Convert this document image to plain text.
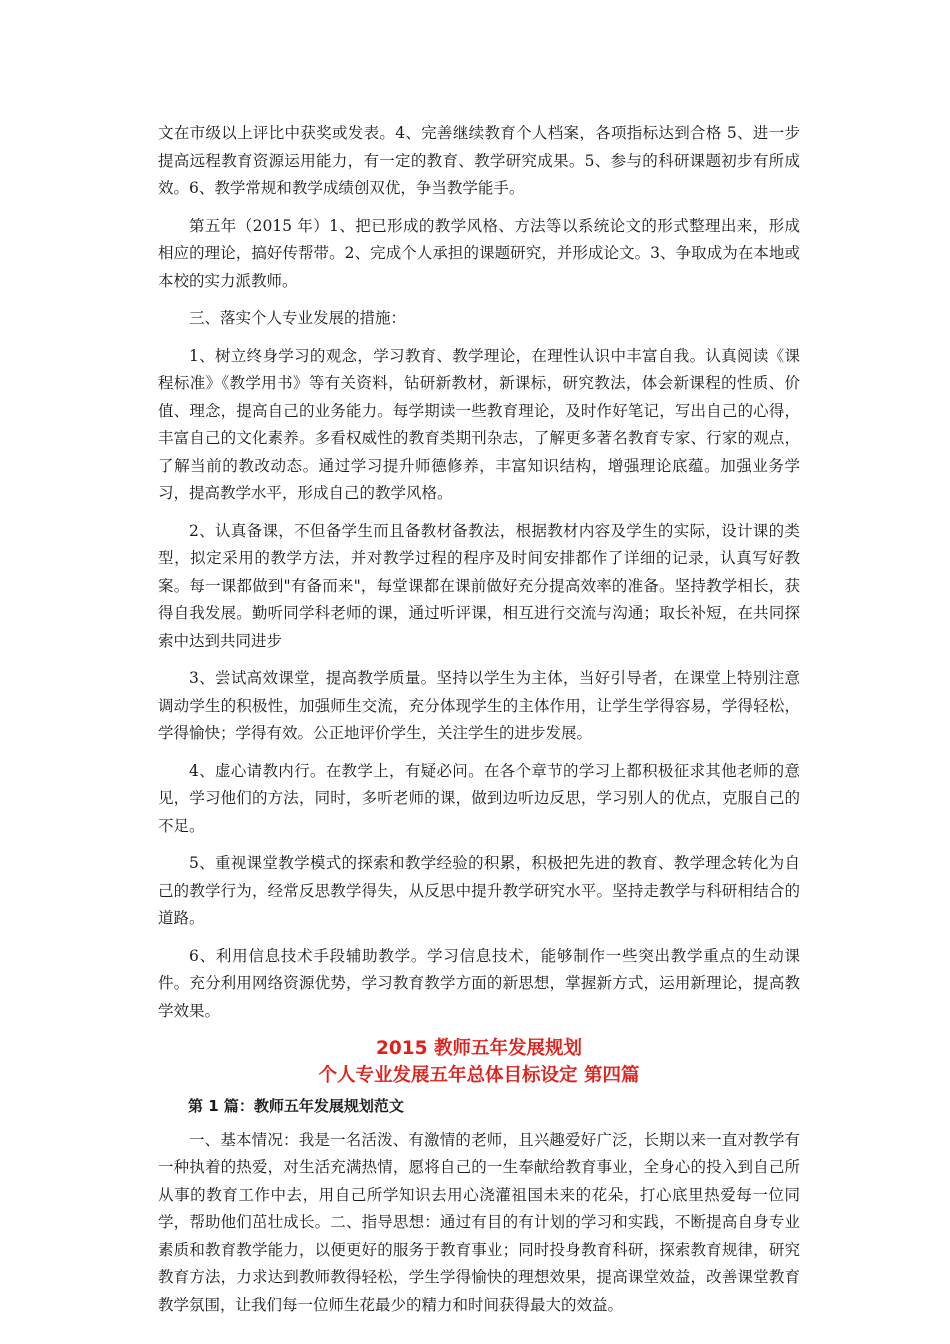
文在市级以上评比中获奖或发表。4、完善继续教育个人档案，各项指标达到合格 5、进一步提高远程教育资源运用能力，有一定的教育、教学研究成果。5、参与的科研课题初步有所成效。6、教学常规和教学成绩创双优，争当教学能手。

第五年（2015 年）1、把已形成的教学风格、方法等以系统论文的形式整理出来，形成相应的理论，搞好传帮带。2、完成个人承担的课题研究，并形成论文。3、争取成为在本地或本校的实力派教师。

三、落实个人专业发展的措施：

1、树立终身学习的观念，学习教育、教学理论，在理性认识中丰富自我。认真阅读《课程标准》《教学用书》等有关资料，钻研新教材，新课标，研究教法，体会新课程的性质、价值、理念，提高自己的业务能力。每学期读一些教育理论，及时作好笔记，写出自己的心得，丰富自己的文化素养。多看权威性的教育类期刊杂志，了解更多著名教育专家、行家的观点，了解当前的教改动态。通过学习提升师德修养，丰富知识结构，增强理论底蕴。加强业务学习，提高教学水平，形成自己的教学风格。

2、认真备课，不但备学生而且备教材备教法，根据教材内容及学生的实际，设计课的类型，拟定采用的教学方法，并对教学过程的程序及时间安排都作了详细的记录，认真写好教案。每一课都做到"有备而来"，每堂课都在课前做好充分提高效率的准备。坚持教学相长，获得自我发展。勤听同学科老师的课，通过听评课，相互进行交流与沟通；取长补短，在共同探索中达到共同进步

3、尝试高效课堂，提高教学质量。坚持以学生为主体，当好引导者，在课堂上特别注意调动学生的积极性，加强师生交流，充分体现学生的主体作用，让学生学得容易，学得轻松，学得愉快；学得有效。公正地评价学生，关注学生的进步发展。

4、虚心请教内行。在教学上，有疑必问。在各个章节的学习上都积极征求其他老师的意见，学习他们的方法，同时，多听老师的课，做到边听边反思，学习别人的优点，克服自己的不足。

5、重视课堂教学模式的探索和教学经验的积累，积极把先进的教育、教学理念转化为自己的教学行为，经常反思教学得失，从反思中提升教学研究水平。坚持走教学与科研相结合的道路。

6、利用信息技术手段辅助教学。学习信息技术，能够制作一些突出教学重点的生动课件。充分利用网络资源优势，学习教育教学方面的新思想，掌握新方式，运用新理论，提高教学效果。

2015 教师五年发展规划
个人专业发展五年总体目标设定 第四篇
第 1 篇：教师五年发展规划范文

一、基本情况：我是一名活泼、有激情的老师，且兴趣爱好广泛，长期以来一直对教学有一种执着的热爱，对生活充满热情，愿将自己的一生奉献给教育事业，全身心的投入到自己所从事的教育工作中去，用自己所学知识去用心浇灌祖国未来的花朵，打心底里热爱每一位同学，帮助他们茁壮成长。二、指导思想：通过有目的有计划的学习和实践，不断提高自身专业素质和教育教学能力，以便更好的服务于教育事业；同时投身教育科研，探索教育规律，研究教育方法，力求达到教师教得轻松，学生学得愉快的理想效果，提高课堂效益，改善课堂教育教学氛围，让我们每一位师生花最少的精力和时间获得最大的效益。
